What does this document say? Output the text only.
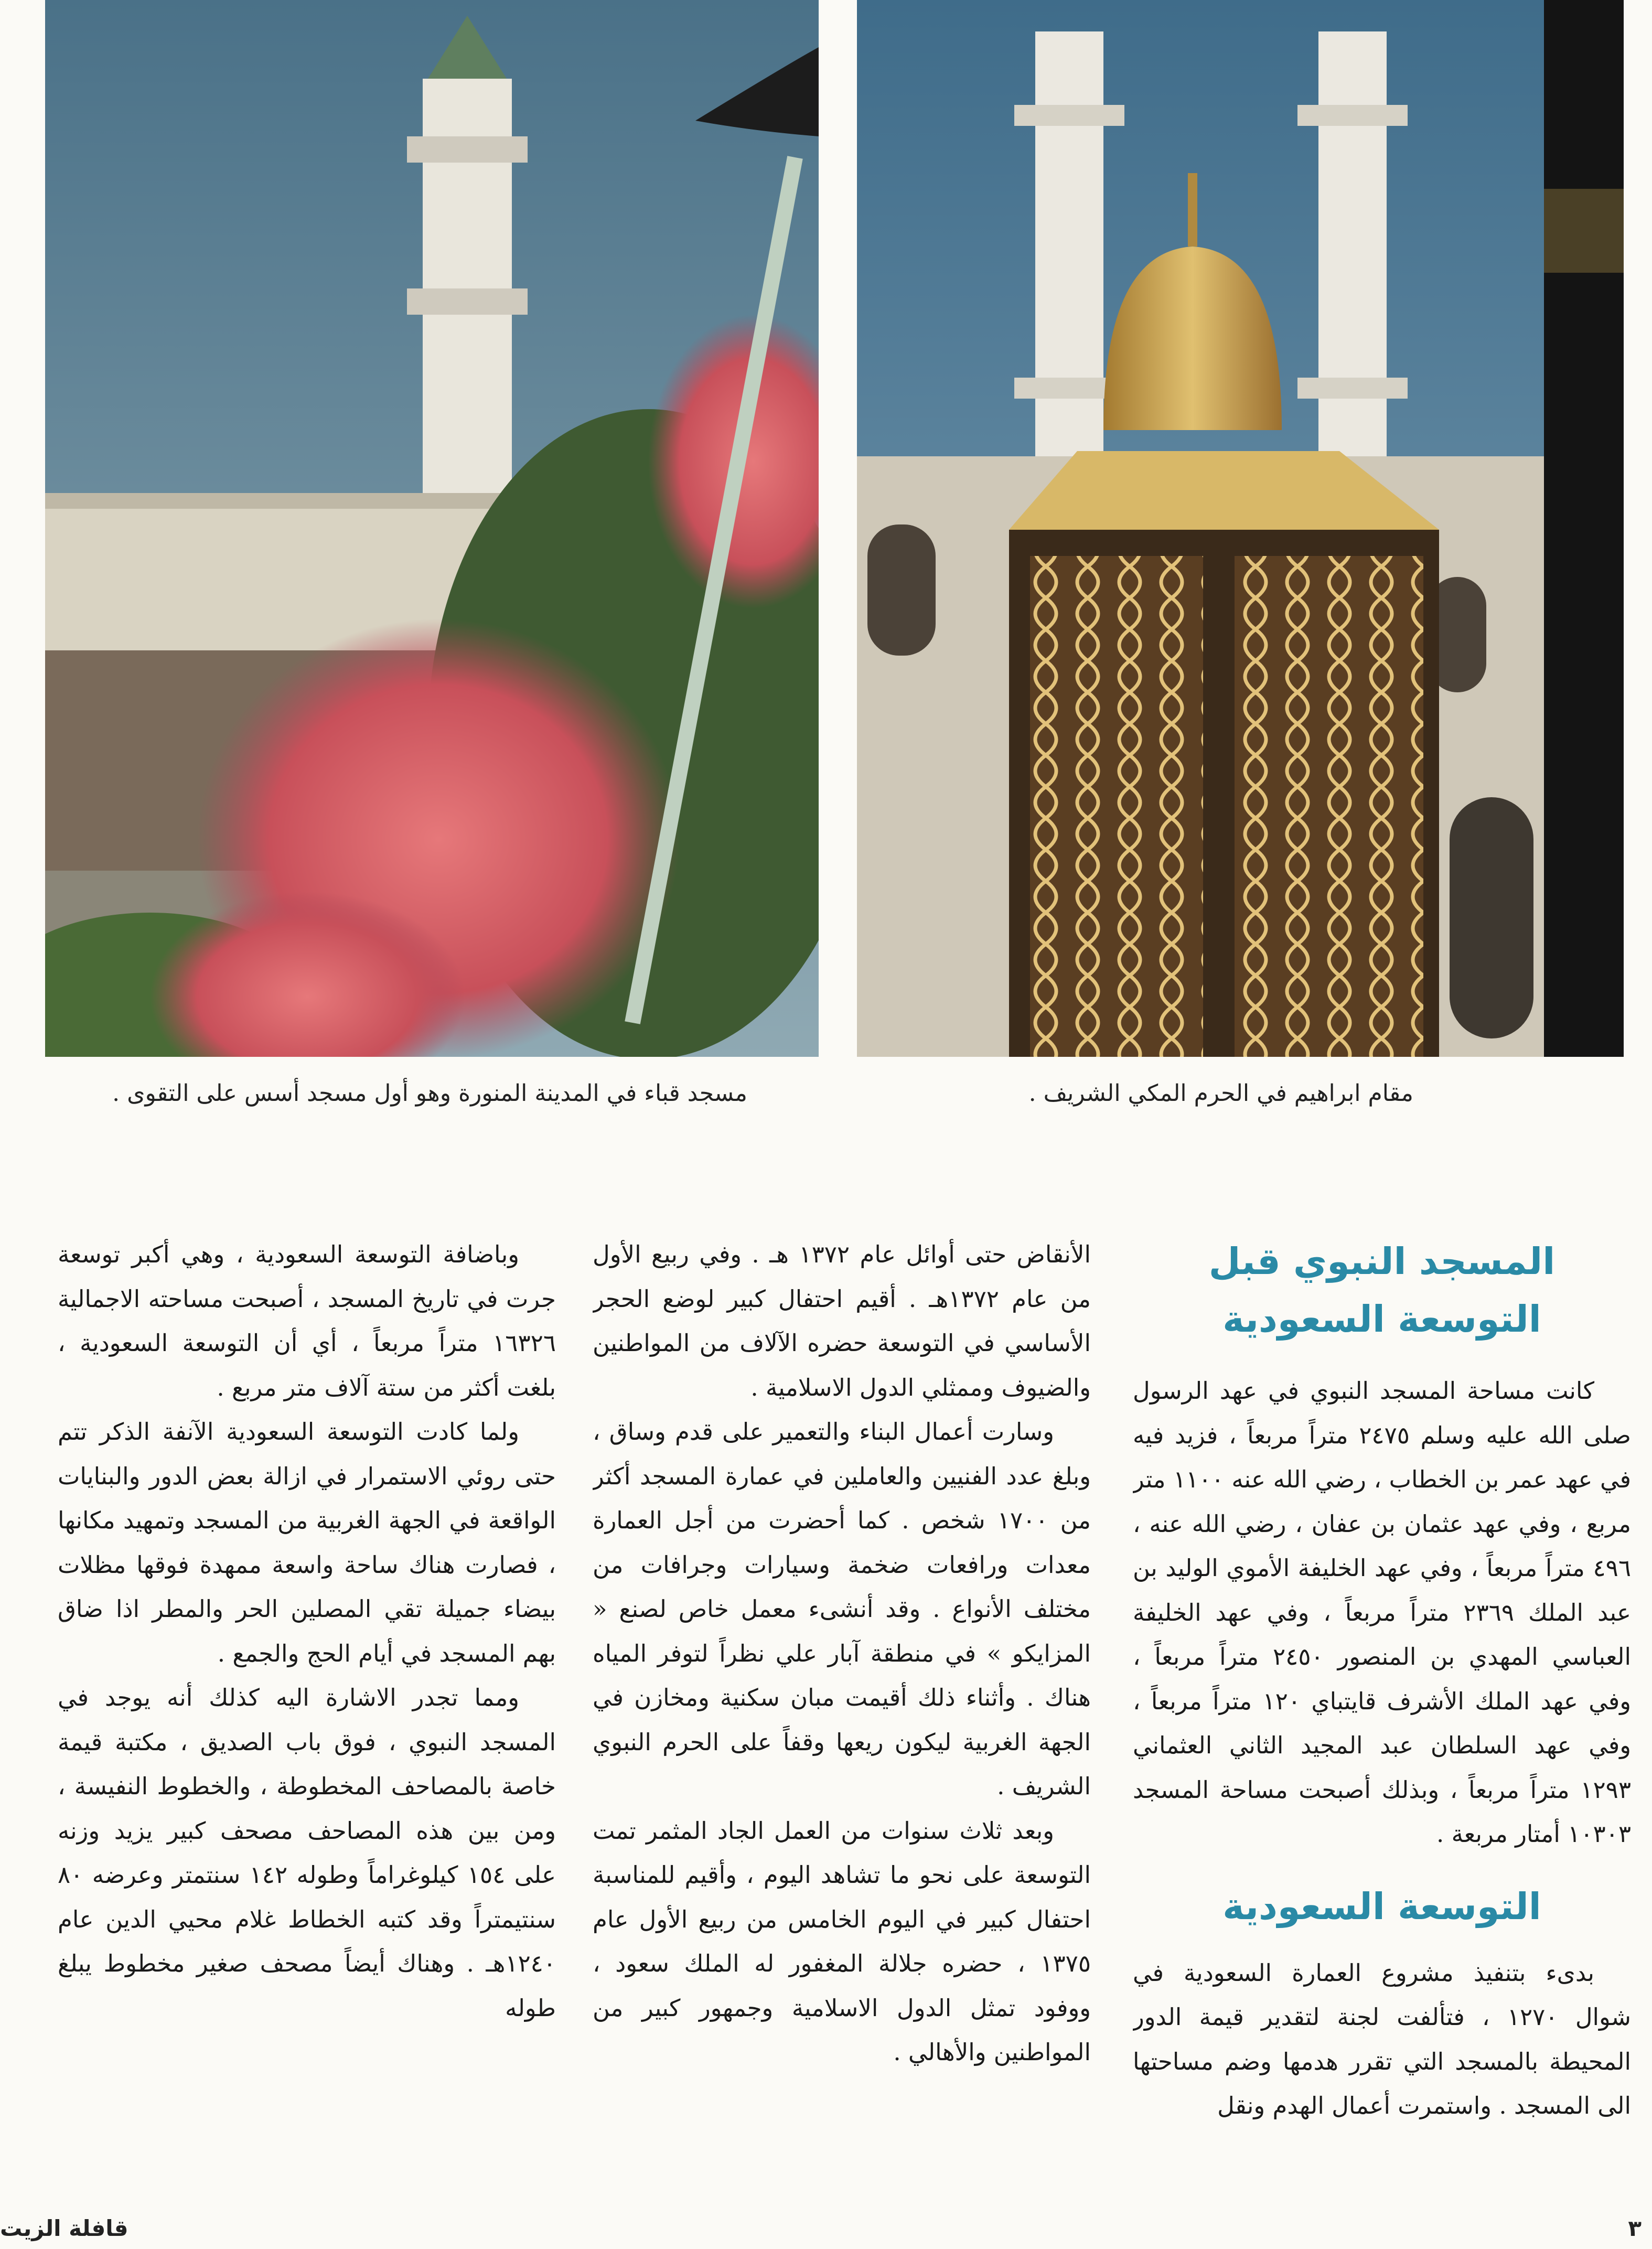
مقام ابراهيم في الحرم المكي الشريف .
مسجد قباء في المدينة المنورة وهو أول مسجد أسس على التقوى .
المسجد النبوي قبل التوسعة السعودية

كانت مساحة المسجد النبوي في عهد الرسول صلى الله عليه وسلم ٢٤٧٥ متراً مربعاً ، فزيد فيه في عهد عمر بن الخطاب ، رضي الله عنه ١١٠٠ متر مربع ، وفي عهد عثمان بن عفان ، رضي الله عنه ، ٤٩٦ متراً مربعاً ، وفي عهد الخليفة الأموي الوليد بن عبد الملك ٢٣٦٩ متراً مربعاً ، وفي عهد الخليفة العباسي المهدي بن المنصور ٢٤٥٠ متراً مربعاً ، وفي عهد الملك الأشرف قايتباي ١٢٠ متراً مربعاً ، وفي عهد السلطان عبد المجيد الثاني العثماني ١٢٩٣ متراً مربعاً ، وبذلك أصبحت مساحة المسجد ١٠٣٠٣ أمتار مربعة .

التوسعة السعودية

بدىء بتنفيذ مشروع العمارة السعودية في شوال ١٢٧٠ ، فتألفت لجنة لتقدير قيمة الدور المحيطة بالمسجد التي تقرر هدمها وضم مساحتها الى المسجد . واستمرت أعمال الهدم ونقل

الأنقاض حتى أوائل عام ١٣٧٢ هـ . وفي ربيع الأول من عام ١٣٧٢هـ . أقيم احتفال كبير لوضع الحجر الأساسي في التوسعة حضره الآلاف من المواطنين والضيوف وممثلي الدول الاسلامية .

وسارت أعمال البناء والتعمير على قدم وساق ، وبلغ عدد الفنيين والعاملين في عمارة المسجد أكثر من ١٧٠٠ شخص . كما أحضرت من أجل العمارة معدات ورافعات ضخمة وسيارات وجرافات من مختلف الأنواع . وقد أنشىء معمل خاص لصنع « المزايكو » في منطقة آبار علي نظراً لتوفر المياه هناك . وأثناء ذلك أقيمت مبان سكنية ومخازن في الجهة الغربية ليكون ريعها وقفاً على الحرم النبوي الشريف .

وبعد ثلاث سنوات من العمل الجاد المثمر تمت التوسعة على نحو ما تشاهد اليوم ، وأقيم للمناسبة احتفال كبير في اليوم الخامس من ربيع الأول عام ١٣٧٥ ، حضره جلالة المغفور له الملك سعود ، ووفود تمثل الدول الاسلامية وجمهور كبير من المواطنين والأهالي .

وباضافة التوسعة السعودية ، وهي أكبر توسعة جرت في تاريخ المسجد ، أصبحت مساحته الاجمالية ١٦٣٢٦ متراً مربعاً ، أي أن التوسعة السعودية ، بلغت أكثر من ستة آلاف متر مربع .

ولما كادت التوسعة السعودية الآنفة الذكر تتم حتى روئي الاستمرار في ازالة بعض الدور والبنايات الواقعة في الجهة الغربية من المسجد وتمهيد مكانها ، فصارت هناك ساحة واسعة ممهدة فوقها مظلات بيضاء جميلة تقي المصلين الحر والمطر اذا ضاق بهم المسجد في أيام الحج والجمع .

ومما تجدر الاشارة اليه كذلك أنه يوجد في المسجد النبوي ، فوق باب الصديق ، مكتبة قيمة خاصة بالمصاحف المخطوطة ، والخطوط النفيسة ، ومن بين هذه المصاحف مصحف كبير يزيد وزنه على ١٥٤ كيلوغراماً وطوله ١٤٢ سنتمتر وعرضه ٨٠ سنتيمتراً وقد كتبه الخطاط غلام محيي الدين عام ١٢٤٠هـ . وهناك أيضاً مصحف صغير مخطوط يبلغ طوله

قافلة الزيت	٣
